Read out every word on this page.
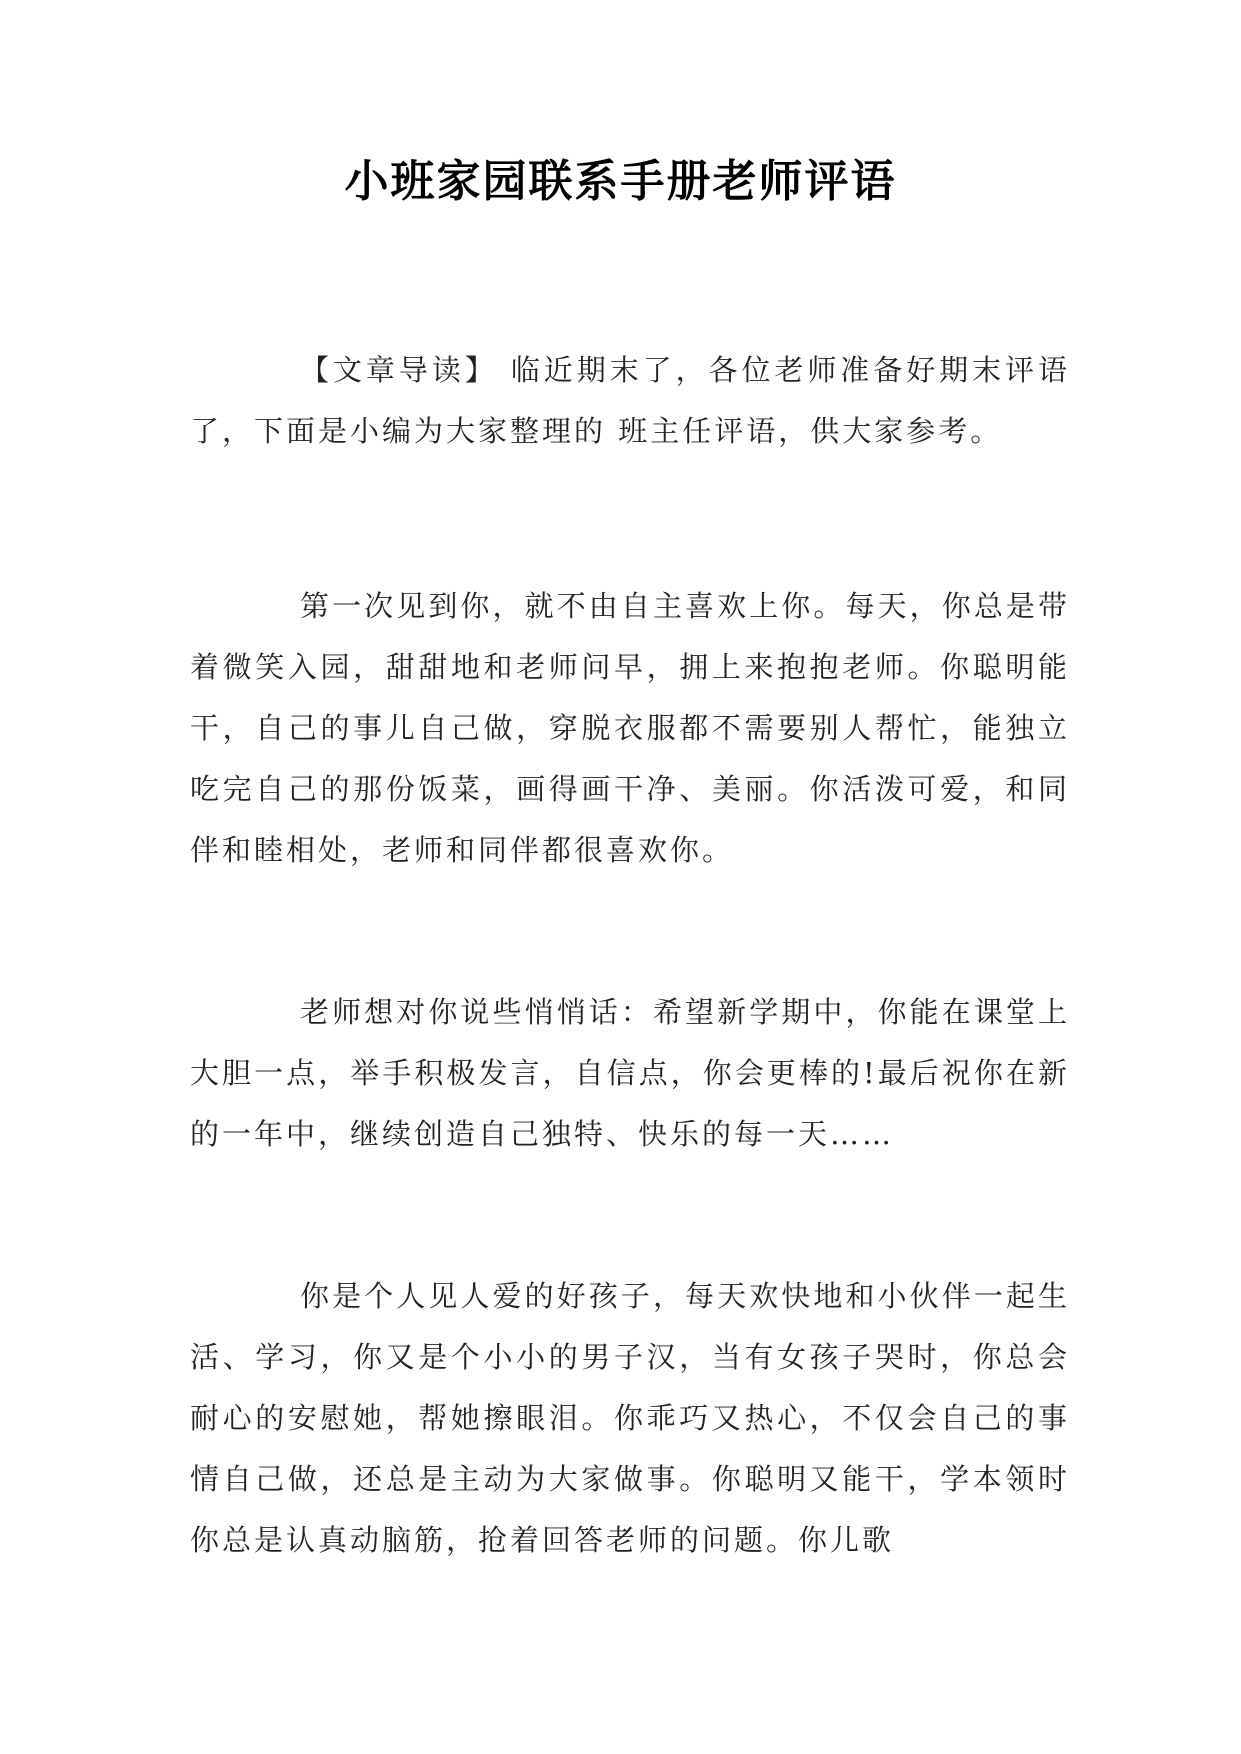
小班家园联系手册老师评语

【文章导读】 临近期末了，各位老师准备好期末评语了，下面是小编为大家整理的 班主任评语，供大家参考。

第一次见到你，就不由自主喜欢上你。每天，你总是带着微笑入园，甜甜地和老师问早，拥上来抱抱老师。你聪明能干，自己的事儿自己做，穿脱衣服都不需要别人帮忙，能独立吃完自己的那份饭菜，画得画干净、美丽。你活泼可爱，和同伴和睦相处，老师和同伴都很喜欢你。

老师想对你说些悄悄话：希望新学期中，你能在课堂上大胆一点，举手积极发言，自信点，你会更棒的!最后祝你在新的一年中，继续创造自己独特、快乐的每一天……

你是个人见人爱的好孩子，每天欢快地和小伙伴一起生活、学习，你又是个小小的男子汉，当有女孩子哭时，你总会耐心的安慰她，帮她擦眼泪。你乖巧又热心，不仅会自己的事情自己做，还总是主动为大家做事。你聪明又能干，学本领时你总是认真动脑筋，抢着回答老师的问题。你儿歌
